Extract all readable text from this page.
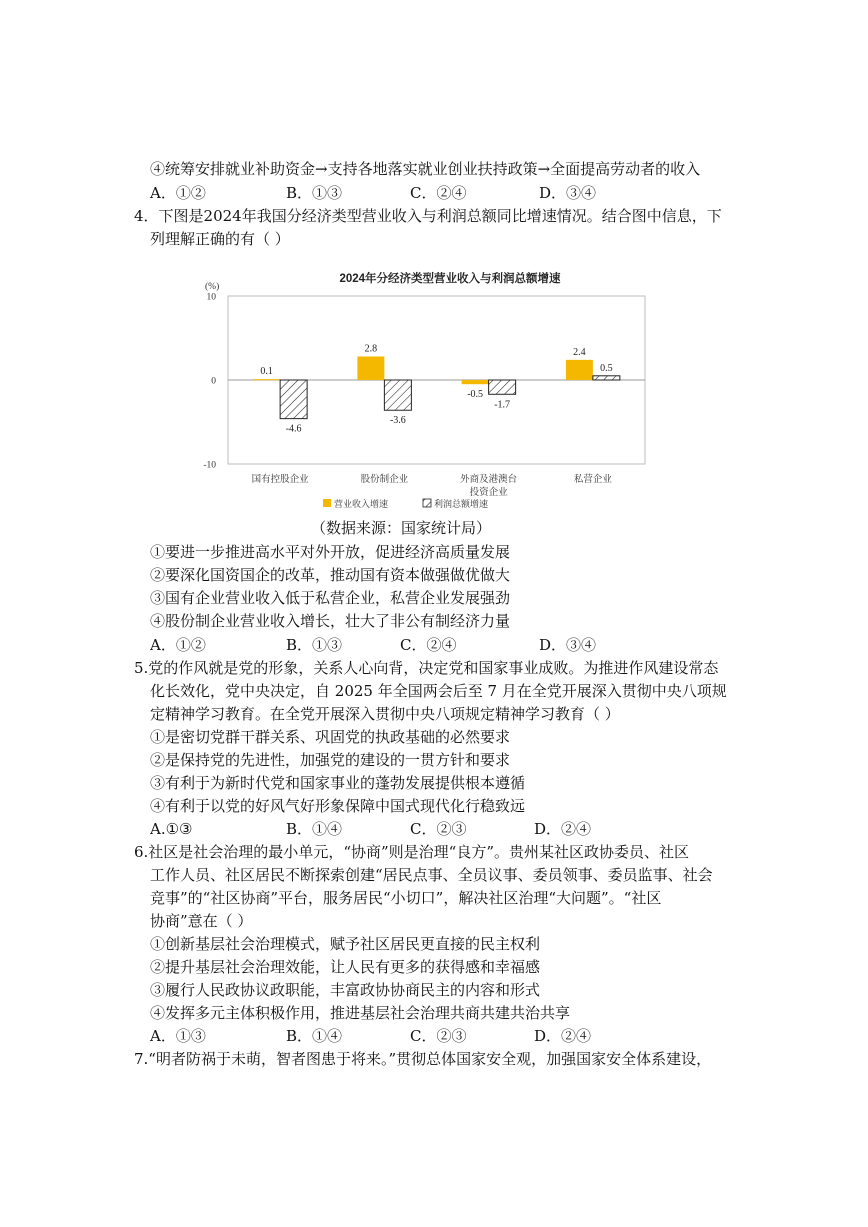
④统筹安排就业补助资金→支持各地落实就业创业扶持政策→全面提高劳动者的收入
A．①②	B．①③	C．②④	D．③④
4．下图是2024年我国分经济类型营业收入与利润总额同比增速情况。结合图中信息，下
列理解正确的有（ ）
2024年分经济类型营业收入与利润总额增速
(%)
10
0
-10
0.1
-4.6
国有控股企业
2.8
-3.6
股份制企业
-0.5
-1.7
外商及港澳台
投资企业
2.4
0.5
私营企业
营业收入增速	利润总额增速
（数据来源：国家统计局）
①要进一步推进高水平对外开放，促进经济高质量发展
②要深化国资国企的改革，推动国有资本做强做优做大
③国有企业营业收入低于私营企业，私营企业发展强劲
④股份制企业营业收入增长，壮大了非公有制经济力量
A．①②	B．①③	C．②④	D．③④
5.党的作风就是党的形象，关系人心向背，决定党和国家事业成败。为推进作风建设常态
化长效化，党中央决定，自 2025 年全国两会后至 7 月在全党开展深入贯彻中央八项规
定精神学习教育。在全党开展深入贯彻中央八项规定精神学习教育（ ）
①是密切党群干群关系、巩固党的执政基础的必然要求
②是保持党的先进性，加强党的建设的一贯方针和要求
③有利于为新时代党和国家事业的蓬勃发展提供根本遵循
④有利于以党的好风气好形象保障中国式现代化行稳致远
A.①③	B．①④	C．②③	D．②④
6.社区是社会治理的最小单元，“协商”则是治理“良方”。贵州某社区政协委员、社区
工作人员、社区居民不断探索创建“居民点事、全员议事、委员领事、委员监事、社会
竞事”的“社区协商”平台，服务居民“小切口”，解决社区治理“大问题”。“社区
协商”意在（ ）
①创新基层社会治理模式，赋予社区居民更直接的民主权利
②提升基层社会治理效能，让人民有更多的获得感和幸福感
③履行人民政协议政职能，丰富政协协商民主的内容和形式
④发挥多元主体积极作用，推进基层社会治理共商共建共治共享
A．①③	B．①④	C．②③	D．②④
7.“明者防祸于未萌，智者图患于将来。”贯彻总体国家安全观，加强国家安全体系建设，
